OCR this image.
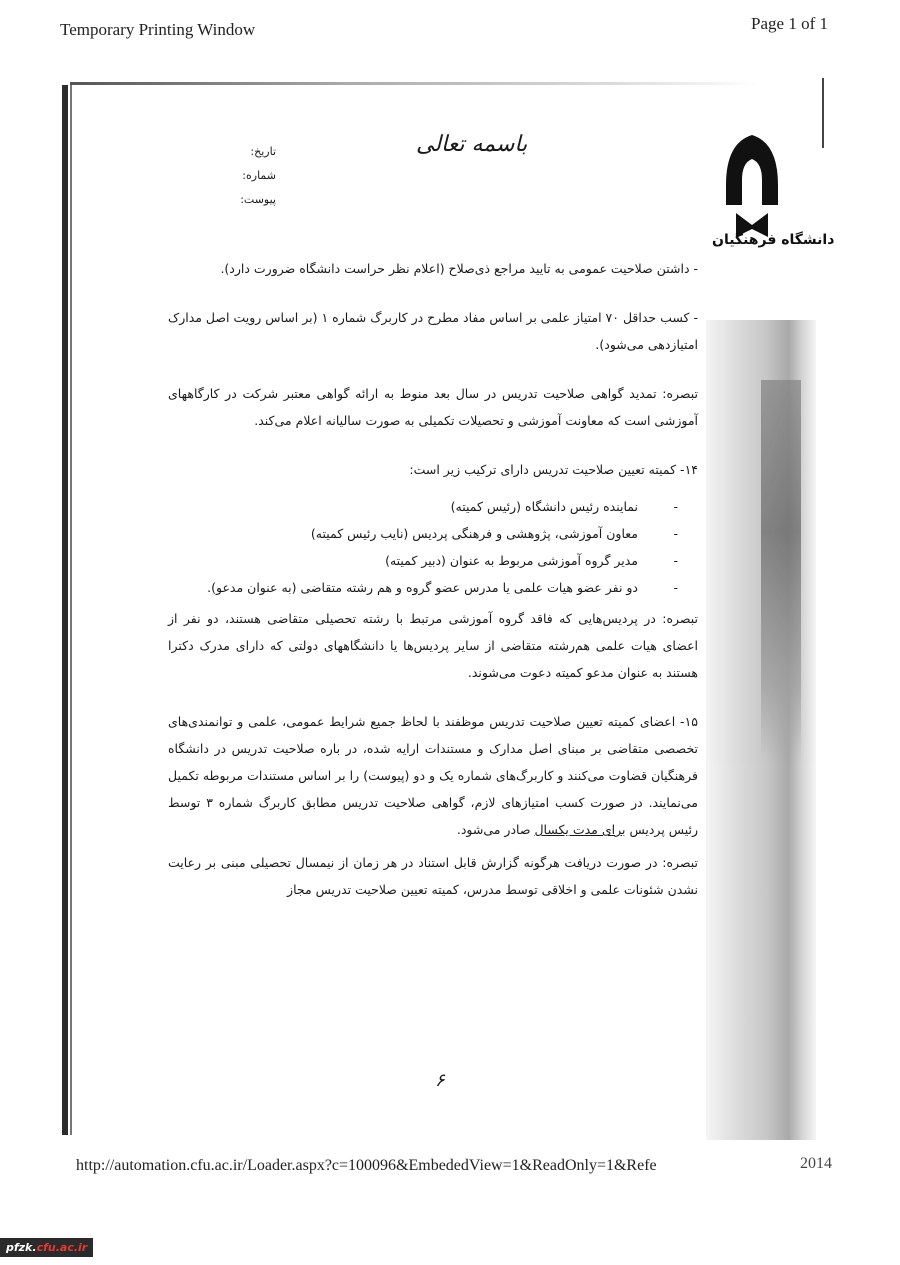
Temporary Printing Window	Page 1 of 1
دانشگاه فرهنگیان
باسمه تعالی
تاریخ:
شماره:
پیوست:

- داشتن صلاحیت عمومی به تایید مراجع ذی‌صلاح (اعلام نظر حراست دانشگاه ضرورت دارد).

- کسب حداقل ۷۰ امتیاز علمی بر اساس مفاد مطرح در کاربرگ شماره ۱ (بر اساس رویت اصل مدارک امتیازدهی می‌شود).

تبصره: تمدید گواهی صلاحیت تدریس در سال بعد منوط به ارائه گواهی معتبر شرکت در کارگاههای آموزشی است که معاونت آموزشی و تحصیلات تکمیلی به صورت سالیانه اعلام می‌کند.

۱۴- کمیته تعیین صلاحیت تدریس دارای ترکیب زیر است:

- نماینده رئیس دانشگاه (رئیس کمیته)
- معاون آموزشی، پژوهشی و فرهنگی پردیس (نایب رئیس کمیته)
- مدیر گروه آموزشی مربوط به عنوان (دبیر کمیته)
- دو نفر عضو هیات علمی یا مدرس عضو گروه و هم رشته متقاضی (به عنوان مدعو).

تبصره: در پردیس‌هایی که فاقد گروه آموزشی مرتبط با رشته تحصیلی متقاضی هستند، دو نفر از اعضای هیات علمی هم‌رشته متقاضی از سایر پردیس‌ها یا دانشگاههای دولتی که دارای مدرک دکترا هستند به عنوان مدعو کمیته دعوت می‌شوند.

۱۵- اعضای کمیته تعیین صلاحیت تدریس موظفند با لحاظ جمیع شرایط عمومی، علمی و توانمندی‌های تخصصی متقاضی بر مبنای اصل مدارک و مستندات ارایه شده، در باره صلاحیت تدریس در دانشگاه فرهنگیان قضاوت می‌کنند و کاربرگ‌های شماره یک و دو (پیوست) را بر اساس مستندات مربوطه تکمیل می‌نمایند. در صورت کسب امتیازهای لازم، گواهی صلاحیت تدریس مطابق کاربرگ شماره ۳ توسط رئیس پردیس برای مدت یکسال صادر می‌شود.

تبصره: در صورت دریافت هرگونه گزارش قابل استناد در هر زمان از نیمسال تحصیلی مبنی بر رعایت نشدن شئونات علمی و اخلاقی توسط مدرس، کمیته تعیین صلاحیت تدریس مجاز

۶
http://automation.cfu.ac.ir/Loader.aspx?c=100096&EmbededView=1&ReadOnly=1&Refe	2014
pfzk.cfu.ac.ir
